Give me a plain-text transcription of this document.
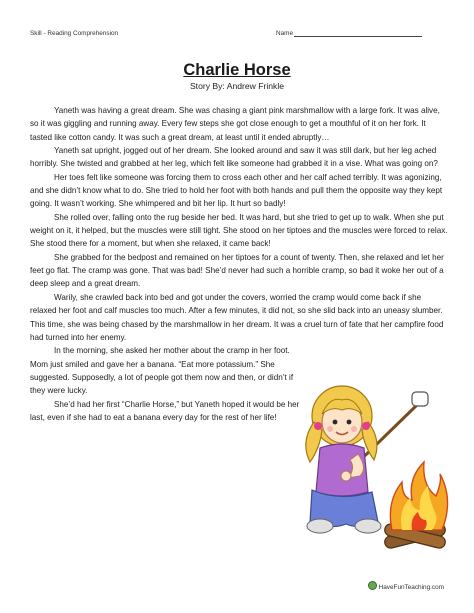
Skill - Reading Comprehension	Name
Charlie Horse
Story By: Andrew Frinkle

Yaneth was having a great dream. She was chasing a giant pink marshmallow with a large fork. It was alive, so it was giggling and running away. Every few steps she got close enough to get a mouthful of it on her fork. It tasted like cotton candy. It was such a great dream, at least until it ended abruptly…

Yaneth sat upright, jogged out of her dream. She looked around and saw it was still dark, but her leg ached horribly. She twisted and grabbed at her leg, which felt like someone had grabbed it in a vise. What was going on?

Her toes felt like someone was forcing them to cross each other and her calf ached terribly. It was agonizing, and she didn’t know what to do. She tried to hold her foot with both hands and pull them the opposite way they kept going. It wasn’t working. She whimpered and bit her lip. It hurt so badly!

She rolled over, falling onto the rug beside her bed. It was hard, but she tried to get up to walk. When she put weight on it, it helped, but the muscles were still tight. She stood on her tiptoes and the muscles were forced to relax. She stood there for a moment, but when she relaxed, it came back!

She grabbed for the bedpost and remained on her tiptoes for a count of twenty. Then, she relaxed and let her feet go flat. The cramp was gone. That was bad! She’d never had such a horrible cramp, so bad it woke her out of a deep sleep and a great dream.

Warily, she crawled back into bed and got under the covers, worried the cramp would come back if she relaxed her foot and calf muscles too much. After a few minutes, it did not, so she slid back into an uneasy slumber. This time, she was being chased by the marshmallow in her dream. It was a cruel turn of fate that her campfire food had turned into her enemy.

In the morning, she asked her mother about the cramp in her foot. Mom just smiled and gave her a banana. “Eat more potassium.” She suggested. Supposedly, a lot of people got them now and then, or didn’t if they were lucky.

She’d had her first “Charlie Horse,” but Yaneth hoped it would be her last, even if she had to eat a banana every day for the rest of her life!

HaveFunTeaching.com
